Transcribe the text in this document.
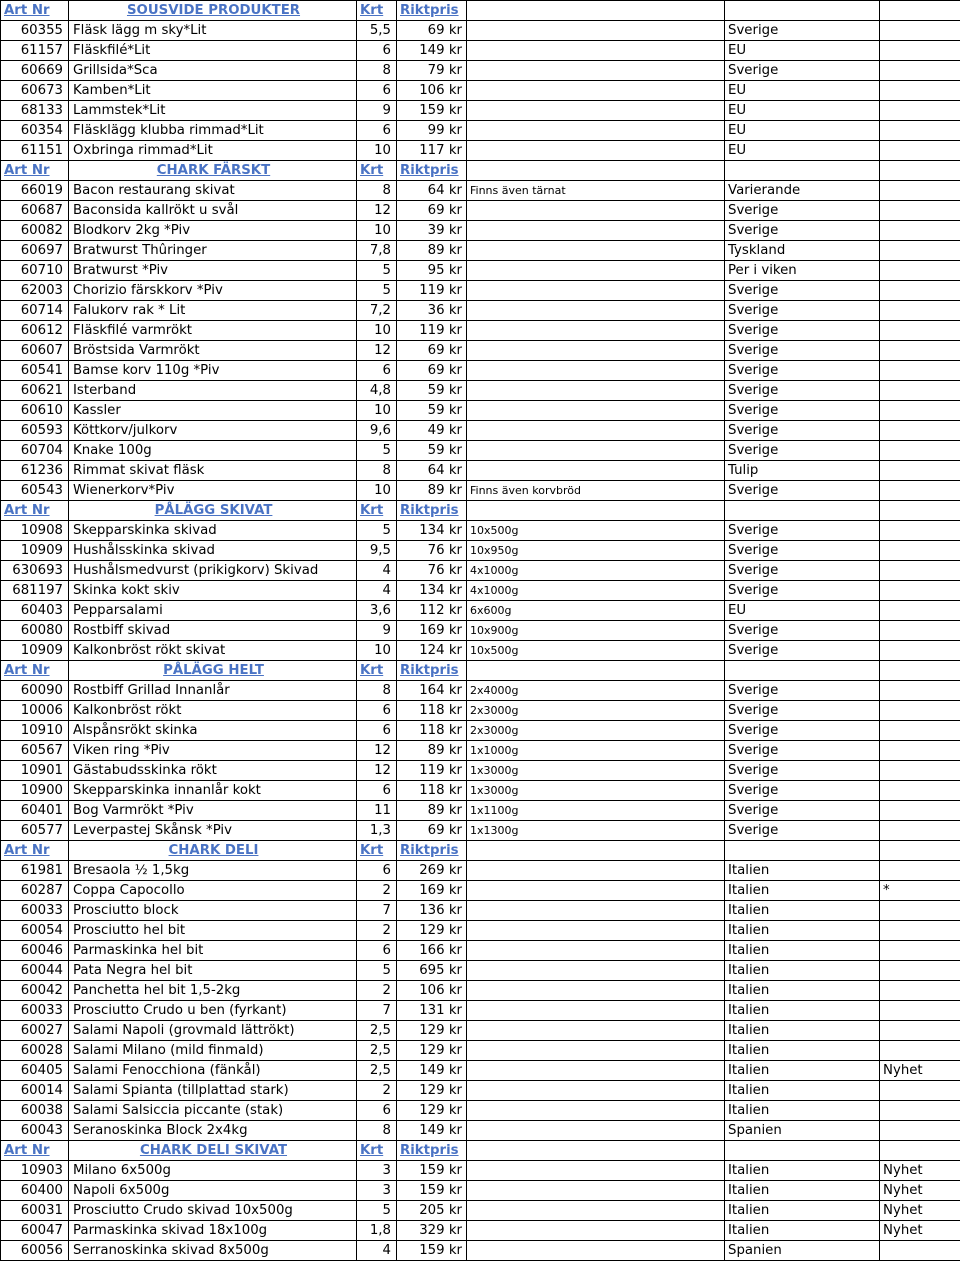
Art Nr	SOUSVIDE PRODUKTER	Krt	Riktpris			
60355	Fläsk lägg m sky*Lit	5,5	69 kr		Sverige	
61157	Fläskfilé*Lit	6	149 kr		EU	
60669	Grillsida*Sca	8	79 kr		Sverige	
60673	Kamben*Lit	6	106 kr		EU	
68133	Lammstek*Lit	9	159 kr		EU	
60354	Fläsklägg klubba rimmad*Lit	6	99 kr		EU	
61151	Oxbringa rimmad*Lit	10	117 kr		EU	
Art Nr	CHARK FÄRSKT	Krt	Riktpris			
66019	Bacon restaurang skivat	8	64 kr	Finns även tärnat	Varierande	
60687	Baconsida kallrökt u svål	12	69 kr		Sverige	
60082	Blodkorv 2kg *Piv	10	39 kr		Sverige	
60697	Bratwurst Thûringer	7,8	89 kr		Tyskland	
60710	Bratwurst *Piv	5	95 kr		Per i viken	
62003	Chorizio färskkorv *Piv	5	119 kr		Sverige	
60714	Falukorv rak * Lit	7,2	36 kr		Sverige	
60612	Fläskfilé varmrökt	10	119 kr		Sverige	
60607	Bröstsida Varmrökt	12	69 kr		Sverige	
60541	Bamse korv 110g *Piv	6	69 kr		Sverige	
60621	Isterband	4,8	59 kr		Sverige	
60610	Kassler	10	59 kr		Sverige	
60593	Köttkorv/julkorv	9,6	49 kr		Sverige	
60704	Knake 100g	5	59 kr		Sverige	
61236	Rimmat skivat fläsk	8	64 kr		Tulip	
60543	Wienerkorv*Piv	10	89 kr	Finns även korvbröd	Sverige	
Art Nr	PÅLÄGG SKIVAT	Krt	Riktpris			
10908	Skepparskinka skivad	5	134 kr	10x500g	Sverige	
10909	Hushålsskinka skivad	9,5	76 kr	10x950g	Sverige	
630693	Hushålsmedvurst (prikigkorv) Skivad	4	76 kr	4x1000g	Sverige	
681197	Skinka kokt skiv	4	134 kr	4x1000g	Sverige	
60403	Pepparsalami	3,6	112 kr	6x600g	EU	
60080	Rostbiff skivad	9	169 kr	10x900g	Sverige	
10909	Kalkonbröst rökt skivat	10	124 kr	10x500g	Sverige	
Art Nr	PÅLÄGG HELT	Krt	Riktpris			
60090	Rostbiff Grillad Innanlår	8	164 kr	2x4000g	Sverige	
10006	Kalkonbröst rökt	6	118 kr	2x3000g	Sverige	
10910	Alspånsrökt skinka	6	118 kr	2x3000g	Sverige	
60567	Viken ring *Piv	12	89 kr	1x1000g	Sverige	
10901	Gästabudsskinka rökt	12	119 kr	1x3000g	Sverige	
10900	Skepparskinka innanlår kokt	6	118 kr	1x3000g	Sverige	
60401	Bog Varmrökt *Piv	11	89 kr	1x1100g	Sverige	
60577	Leverpastej Skånsk *Piv	1,3	69 kr	1x1300g	Sverige	
Art Nr	CHARK DELI	Krt	Riktpris			
61981	Bresaola ½ 1,5kg	6	269 kr		Italien	
60287	Coppa Capocollo	2	169 kr		Italien	*
60033	Prosciutto block	7	136 kr		Italien	
60054	Prosciutto hel bit	2	129 kr		Italien	
60046	Parmaskinka hel bit	6	166 kr		Italien	
60044	Pata Negra hel bit	5	695 kr		Italien	
60042	Panchetta hel bit 1,5-2kg	2	106 kr		Italien	
60033	Prosciutto Crudo u ben (fyrkant)	7	131 kr		Italien	
60027	Salami Napoli (grovmald lättrökt)	2,5	129 kr		Italien	
60028	Salami Milano (mild finmald)	2,5	129 kr		Italien	
60405	Salami Fenocchiona (fänkål)	2,5	149 kr		Italien	Nyhet
60014	Salami Spianta (tillplattad stark)	2	129 kr		Italien	
60038	Salami Salsiccia piccante (stak)	6	129 kr		Italien	
60043	Seranoskinka Block 2x4kg	8	149 kr		Spanien	
Art Nr	CHARK DELI SKIVAT	Krt	Riktpris			
10903	Milano 6x500g	3	159 kr		Italien	Nyhet
60400	Napoli 6x500g	3	159 kr		Italien	Nyhet
60031	Prosciutto Crudo skivad 10x500g	5	205 kr		Italien	Nyhet
60047	Parmaskinka skivad 18x100g	1,8	329 kr		Italien	Nyhet
60056	Serranoskinka skivad 8x500g	4	159 kr		Spanien	
